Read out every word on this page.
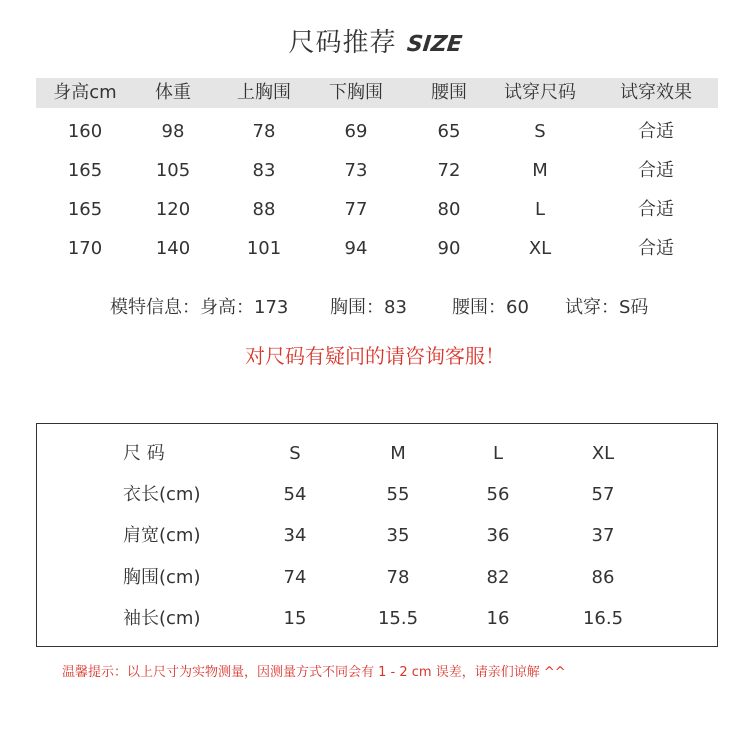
尺码推荐 SIZE
身高cm	体重	上胸围	下胸围	腰围	试穿尺码	试穿效果
160	98	78	69	65	S	合适
165	105	83	73	72	M	合适
165	120	88	77	80	L	合适
170	140	101	94	90	XL	合适
模特信息：身高：173 胸围：83	腰围：60 试穿：S码
对尺码有疑问的请咨询客服！
尺 码	S	M	L	XL
衣长(cm)	54	55	56	57
肩宽(cm)	34	35	36	37
胸围(cm)	74	78	82	86
袖长(cm)	15	15.5	16	16.5
温馨提示：以上尺寸为实物测量，因测量方式不同会有 1 - 2 cm 误差，请亲们谅解 ^^
